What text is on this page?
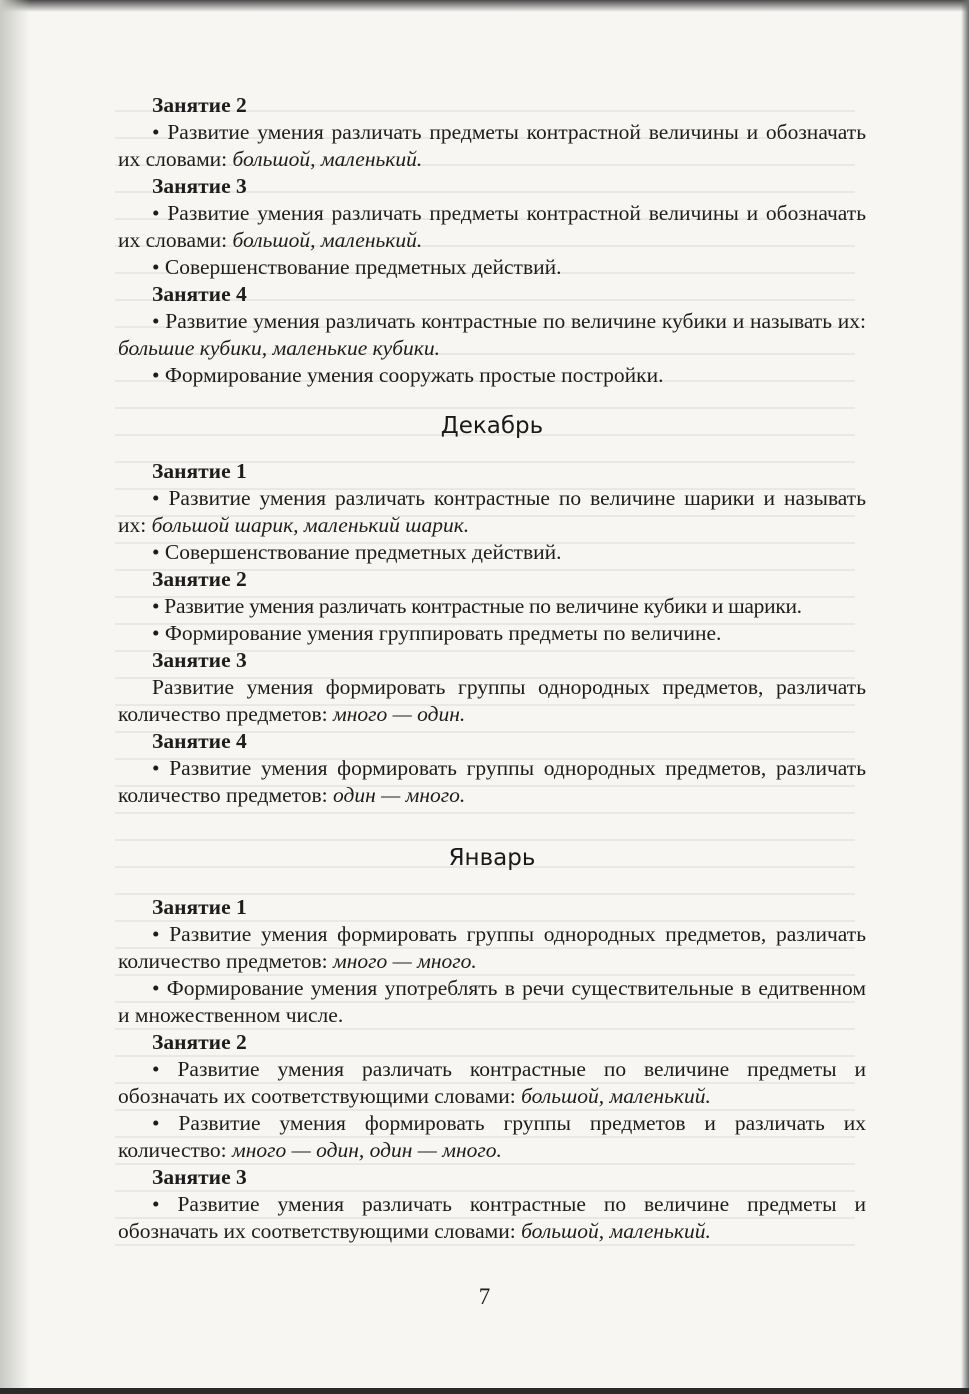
Занятие 2

• Развитие умения различать предметы контрастной величины и обозначать их словами: большой, маленький.

Занятие 3

• Развитие умения различать предметы контрастной величины и обозначать их словами: большой, маленький.

• Совершенствование предметных действий.

Занятие 4

• Развитие умения различать контрастные по величине кубики и называть их: большие кубики, маленькие кубики.

• Формирование умения сооружать простые постройки.

Декабрь

Занятие 1

• Развитие умения различать контрастные по величине шарики и называть их: большой шарик, маленький шарик.

• Совершенствование предметных действий.

Занятие 2

• Развитие умения различать контрастные по величине кубики и шарики.

• Формирование умения группировать предметы по величине.

Занятие 3

Развитие умения формировать группы однородных предметов, различать количество предметов: много — один.

Занятие 4

• Развитие умения формировать группы однородных предметов, различать количество предметов: один — много.

Январь

Занятие 1

• Развитие умения формировать группы однородных предметов, различать количество предметов: много — много.

• Формирование умения употреблять в речи существительные в едитвенном и множественном числе.

Занятие 2

• Развитие умения различать контрастные по величине предметы и обозначать их соответствующими словами: большой, маленький.

• Развитие умения формировать группы предметов и различать их количество: много — один, один — много.

Занятие 3

• Развитие умения различать контрастные по величине предметы и обозначать их соответствующими словами: большой, маленький.

7
